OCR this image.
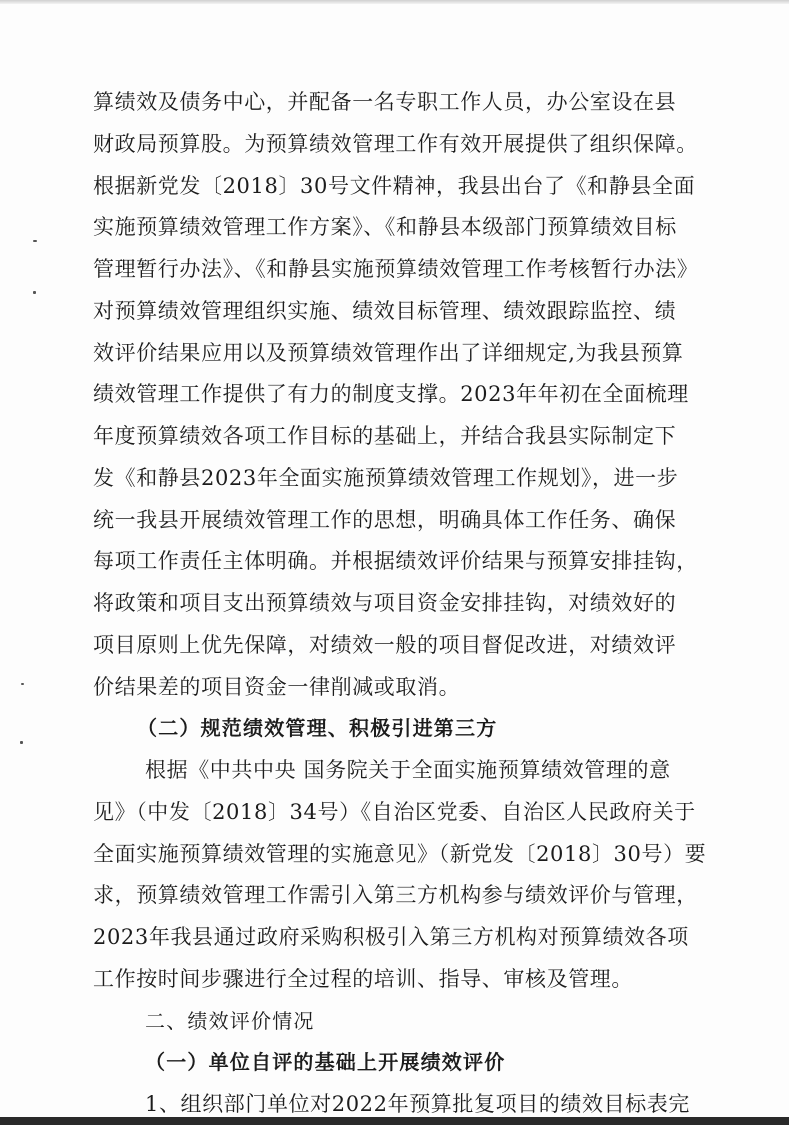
算绩效及债务中心，并配备一名专职工作人员，办公室设在县
财政局预算股。为预算绩效管理工作有效开展提供了组织保障。
根据新党发〔2018〕30号文件精神，我县出台了《和静县全面
实施预算绩效管理工作方案》、《和静县本级部门预算绩效目标
管理暂行办法》、《和静县实施预算绩效管理工作考核暂行办法》
对预算绩效管理组织实施、绩效目标管理、绩效跟踪监控、绩
效评价结果应用以及预算绩效管理作出了详细规定,为我县预算
绩效管理工作提供了有力的制度支撑。2023年年初在全面梳理
年度预算绩效各项工作目标的基础上，并结合我县实际制定下
发《和静县2023年全面实施预算绩效管理工作规划》，进一步
统一我县开展绩效管理工作的思想，明确具体工作任务、确保
每项工作责任主体明确。并根据绩效评价结果与预算安排挂钩，
将政策和项目支出预算绩效与项目资金安排挂钩，对绩效好的
项目原则上优先保障，对绩效一般的项目督促改进，对绩效评
价结果差的项目资金一律削减或取消。
（二）规范绩效管理、积极引进第三方
根据《中共中央 国务院关于全面实施预算绩效管理的意
见》（中发〔2018〕34号）《自治区党委、自治区人民政府关于
全面实施预算绩效管理的实施意见》（新党发〔2018〕30号）要
求，预算绩效管理工作需引入第三方机构参与绩效评价与管理，
2023年我县通过政府采购积极引入第三方机构对预算绩效各项
工作按时间步骤进行全过程的培训、指导、审核及管理。
二、绩效评价情况
（一）单位自评的基础上开展绩效评价
1、组织部门单位对2022年预算批复项目的绩效目标表完
